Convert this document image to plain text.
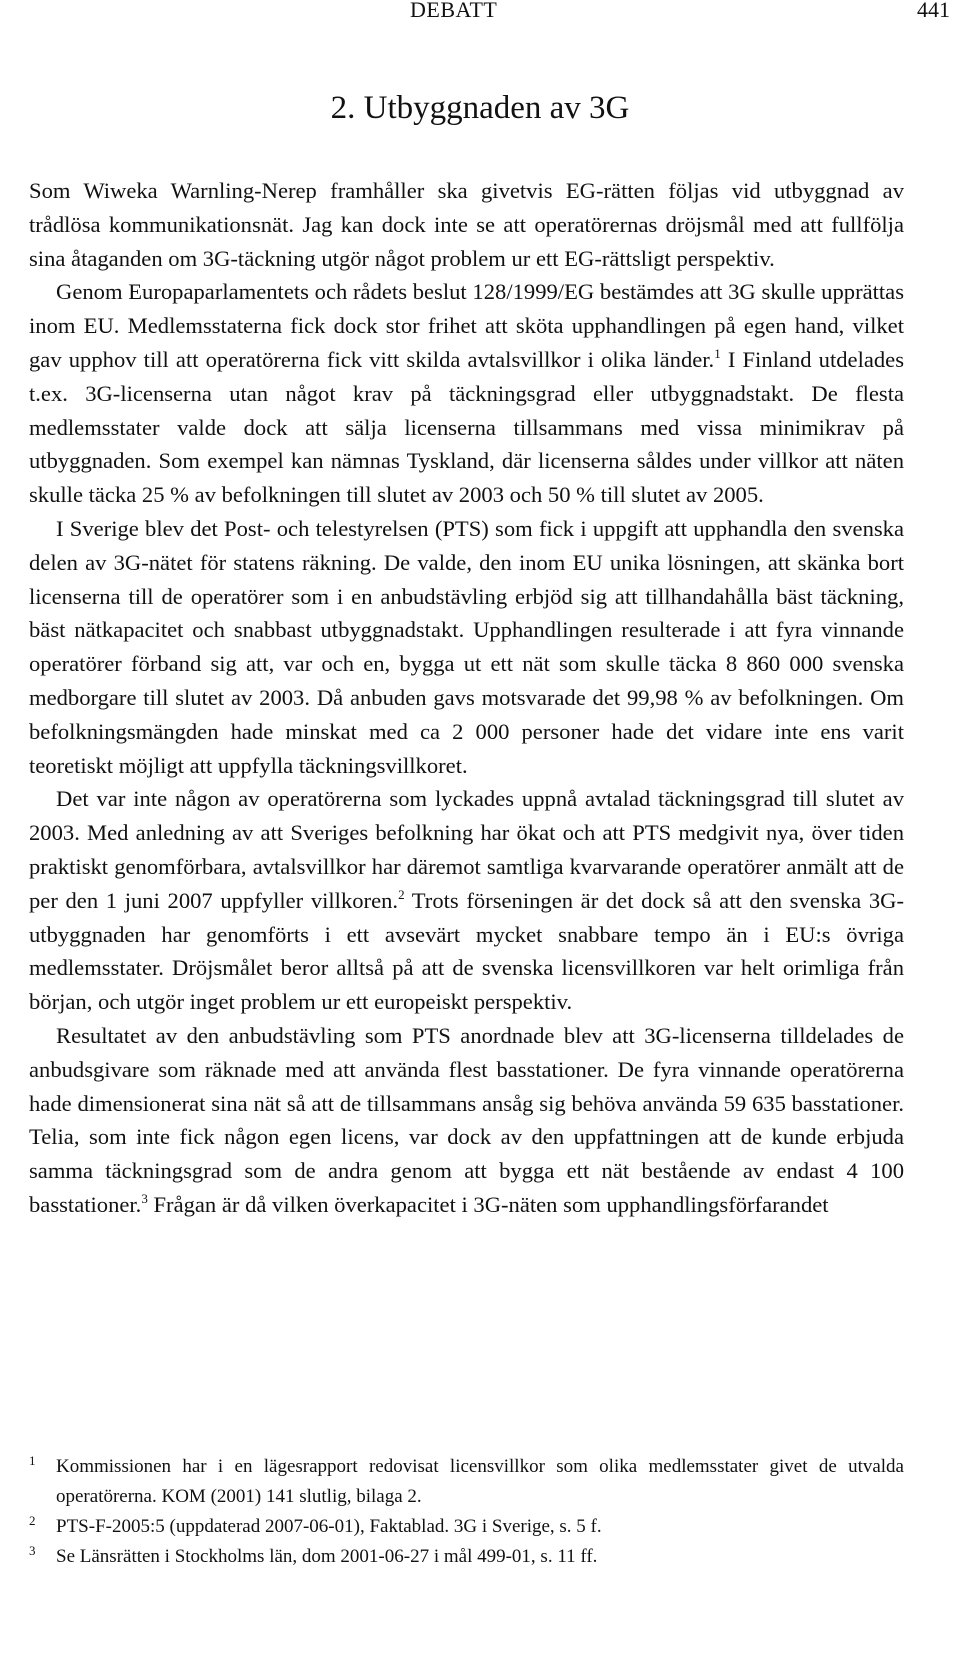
DEBATT	441
2. Utbyggnaden av 3G

Som Wiweka Warnling-Nerep framhåller ska givetvis EG-rätten följas vid utbyggnad av trådlösa kommunikationsnät. Jag kan dock inte se att operatörernas dröjsmål med att fullfölja sina åtaganden om 3G-täckning utgör något problem ur ett EG-rättsligt perspektiv.

Genom Europaparlamentets och rådets beslut 128/1999/EG bestämdes att 3G skulle upprättas inom EU. Medlemsstaterna fick dock stor frihet att sköta upphandlingen på egen hand, vilket gav upphov till att operatörerna fick vitt skilda avtalsvillkor i olika länder.$^1$ I Finland utdelades t.ex. 3G-licenserna utan något krav på täckningsgrad eller utbyggnadstakt. De flesta medlemsstater valde dock att sälja licenserna tillsammans med vissa minimikrav på utbyggnaden. Som exempel kan nämnas Tyskland, där licenserna såldes under villkor att näten skulle täcka 25 % av befolkningen till slutet av 2003 och 50 % till slutet av 2005.

I Sverige blev det Post- och telestyrelsen (PTS) som fick i uppgift att upphandla den svenska delen av 3G-nätet för statens räkning. De valde, den inom EU unika lösningen, att skänka bort licenserna till de operatörer som i en anbudstävling erbjöd sig att tillhandahålla bäst täckning, bäst nätkapacitet och snabbast utbyggnadstakt. Upphandlingen resulterade i att fyra vinnande operatörer förband sig att, var och en, bygga ut ett nät som skulle täcka 8 860 000 svenska medborgare till slutet av 2003. Då anbuden gavs motsvarade det 99,98 % av befolkningen. Om befolkningsmängden hade minskat med ca 2 000 personer hade det vidare inte ens varit teoretiskt möjligt att uppfylla täckningsvillkoret.

Det var inte någon av operatörerna som lyckades uppnå avtalad täckningsgrad till slutet av 2003. Med anledning av att Sveriges befolkning har ökat och att PTS medgivit nya, över tiden praktiskt genomförbara, avtalsvillkor har däremot samtliga kvarvarande operatörer anmält att de per den 1 juni 2007 uppfyller villkoren.$^2$ Trots förseningen är det dock så att den svenska 3G-utbyggnaden har genomförts i ett avsevärt mycket snabbare tempo än i EU:s övriga medlemsstater. Dröjsmålet beror alltså på att de svenska licensvillkoren var helt orimliga från början, och utgör inget problem ur ett europeiskt perspektiv.

Resultatet av den anbudstävling som PTS anordnade blev att 3G-licenserna tilldelades de anbudsgivare som räknade med att använda flest basstationer. De fyra vinnande operatörerna hade dimensionerat sina nät så att de tillsammans ansåg sig behöva använda 59 635 basstationer. Telia, som inte fick någon egen licens, var dock av den uppfattningen att de kunde erbjuda samma täckningsgrad som de andra genom att bygga ett nät bestående av endast 4 100 basstationer.$^3$ Frågan är då vilken överkapacitet i 3G-näten som upphandlingsförfarandet

1	Kommissionen har i en lägesrapport redovisat licensvillkor som olika medlemsstater givet de utvalda operatörerna. KOM (2001) 141 slutlig, bilaga 2.
2	PTS-F-2005:5 (uppdaterad 2007-06-01), Faktablad. 3G i Sverige, s. 5 f.
3	Se Länsrätten i Stockholms län, dom 2001-06-27 i mål 499-01, s. 11 ff.
